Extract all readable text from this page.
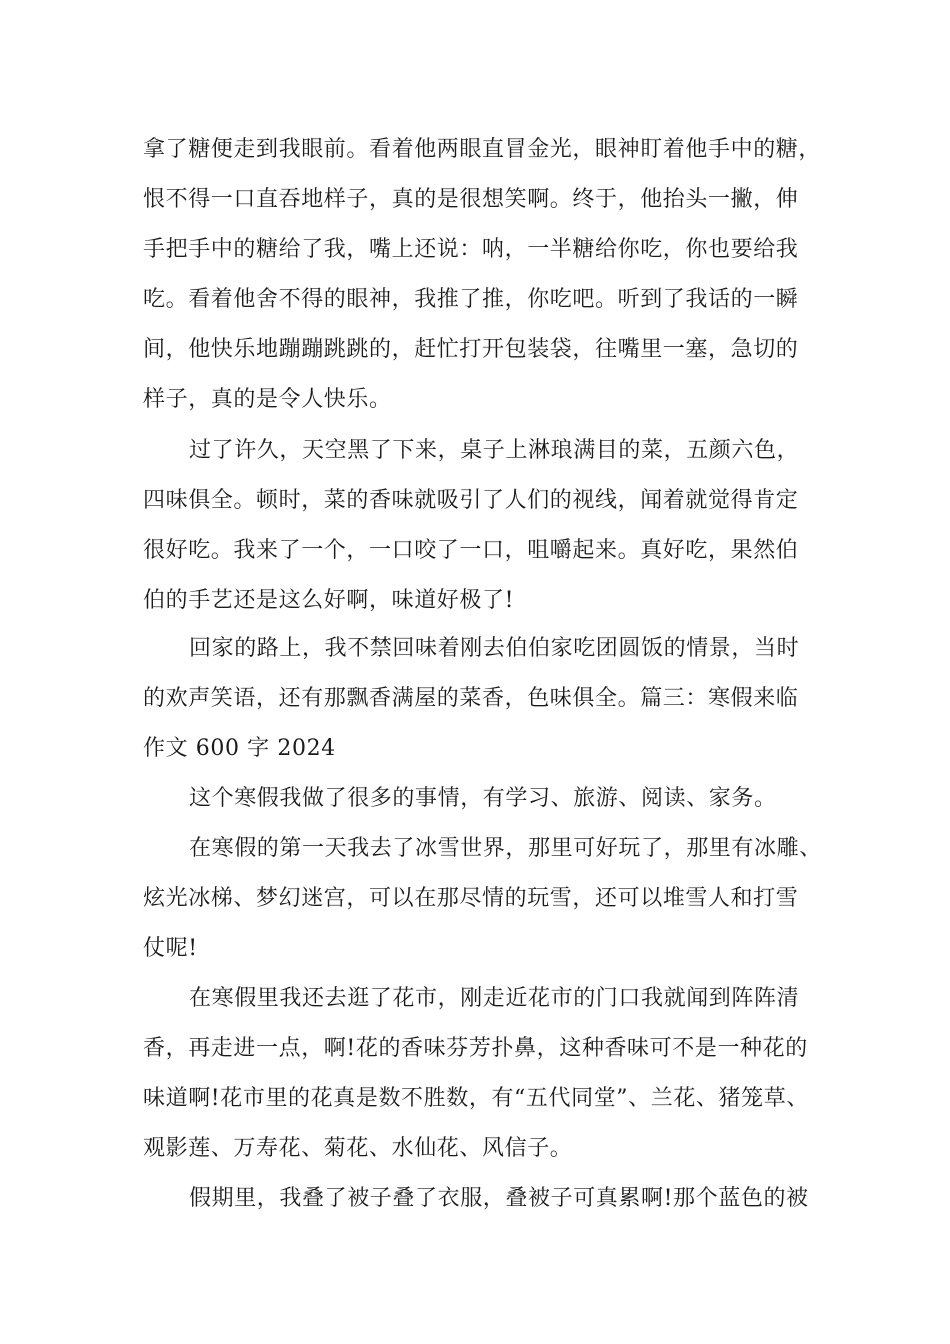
拿了糖便走到我眼前。看着他两眼直冒金光，眼神盯着他手中的糖，
恨不得一口直吞地样子，真的是很想笑啊。终于，他抬头一撇，伸
手把手中的糖给了我，嘴上还说：呐，一半糖给你吃，你也要给我
吃。看着他舍不得的眼神，我推了推，你吃吧。听到了我话的一瞬
间，他快乐地蹦蹦跳跳的，赶忙打开包装袋，往嘴里一塞，急切的
样子，真的是令人快乐。
过了许久，天空黑了下来，桌子上淋琅满目的菜，五颜六色，
四味俱全。顿时，菜的香味就吸引了人们的视线，闻着就觉得肯定
很好吃。我来了一个，一口咬了一口，咀嚼起来。真好吃，果然伯
伯的手艺还是这么好啊，味道好极了!
回家的路上，我不禁回味着刚去伯伯家吃团圆饭的情景，当时
的欢声笑语，还有那飘香满屋的菜香，色味俱全。篇三：寒假来临
作文 600 字 2024
这个寒假我做了很多的事情，有学习、旅游、阅读、家务。
在寒假的第一天我去了冰雪世界，那里可好玩了，那里有冰雕、
炫光冰梯、梦幻迷宫，可以在那尽情的玩雪，还可以堆雪人和打雪
仗呢!
在寒假里我还去逛了花市，刚走近花市的门口我就闻到阵阵清
香，再走进一点，啊!花的香味芬芳扑鼻，这种香味可不是一种花的
味道啊!花市里的花真是数不胜数，有“五代同堂”、兰花、猪笼草、
观影莲、万寿花、菊花、水仙花、风信子。
假期里，我叠了被子叠了衣服，叠被子可真累啊!那个蓝色的被
